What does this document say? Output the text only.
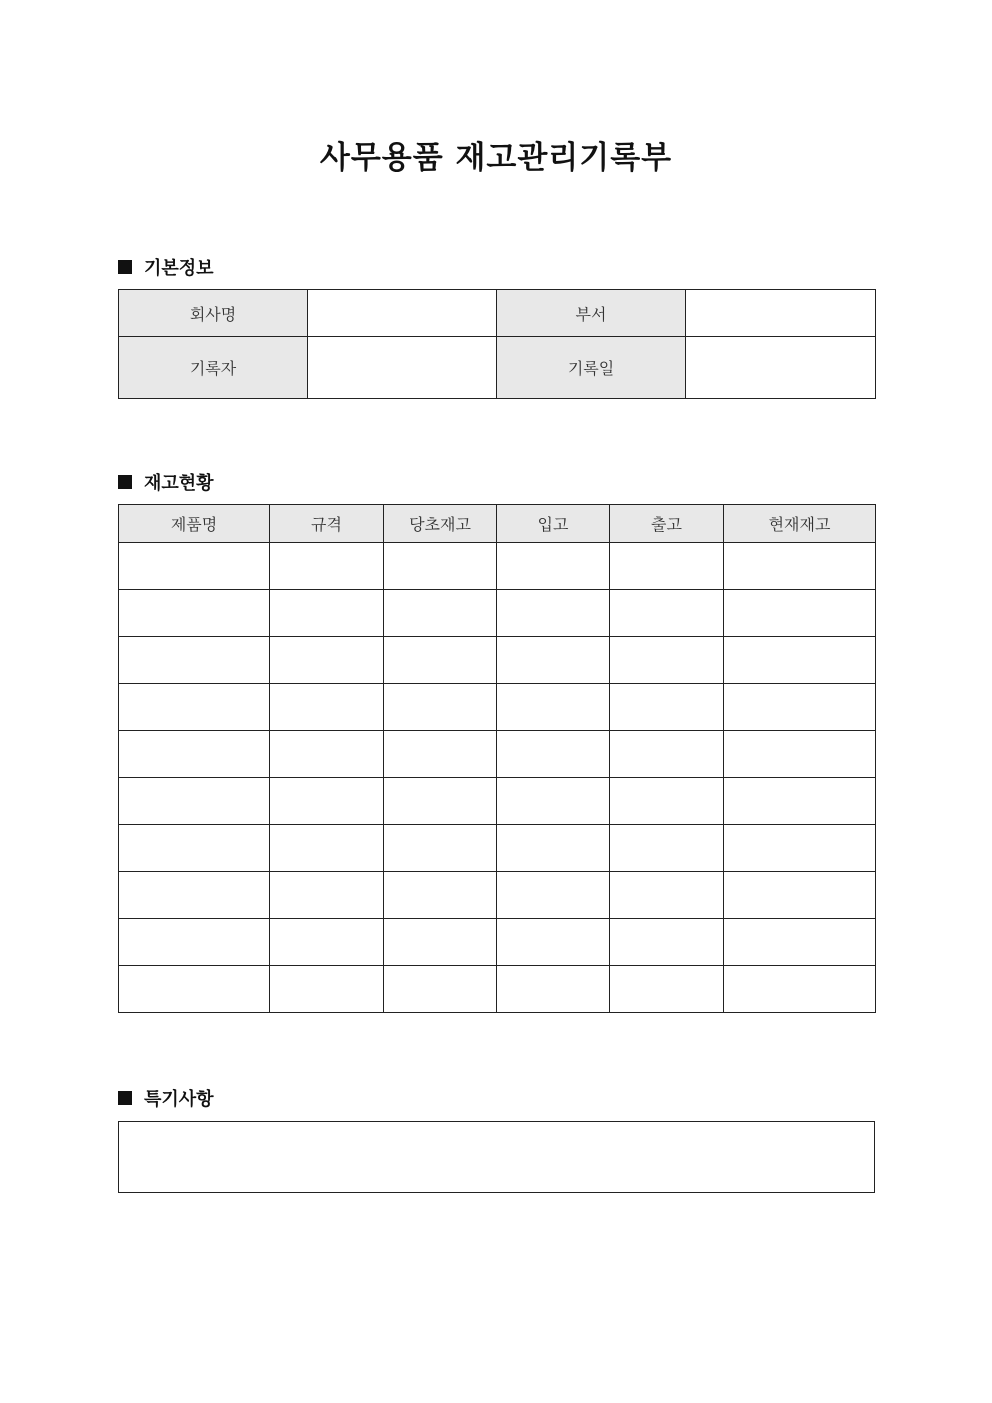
사무용품 재고관리기록부
기본정보
회사명		부서	
기록자		기록일	
재고현황
제품명	규격	당초재고	입고	출고	현재재고

특기사항
